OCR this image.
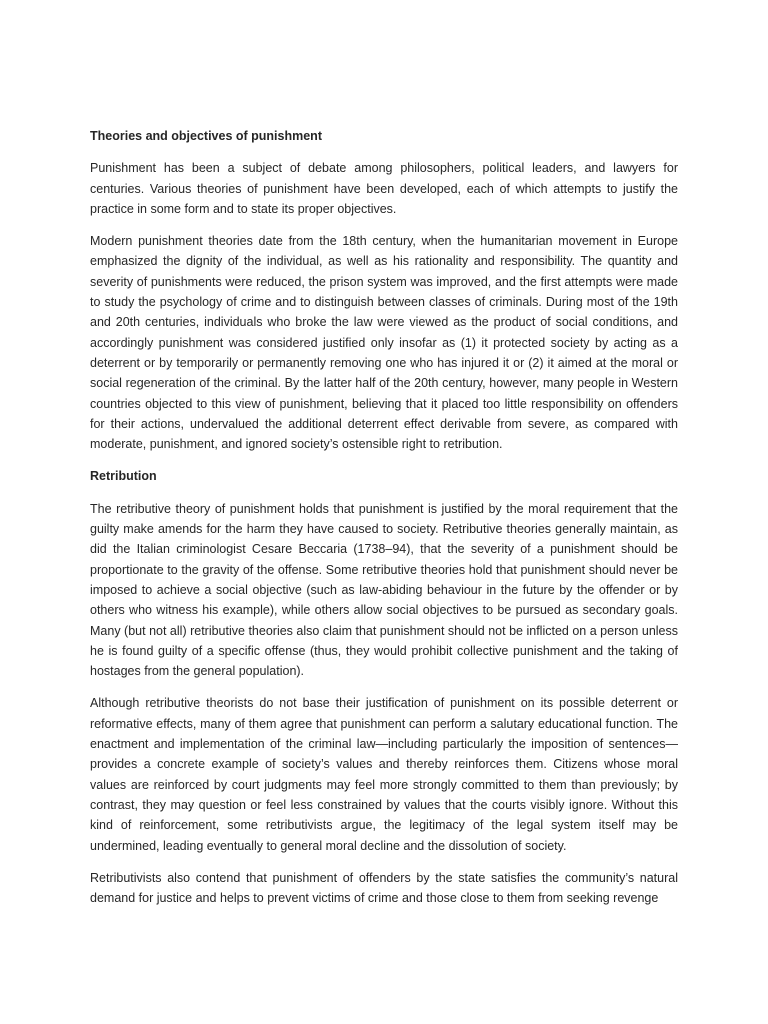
Theories and objectives of punishment

Punishment has been a subject of debate among philosophers, political leaders, and lawyers for centuries. Various theories of punishment have been developed, each of which attempts to justify the practice in some form and to state its proper objectives.

Modern punishment theories date from the 18th century, when the humanitarian movement in Europe emphasized the dignity of the individual, as well as his rationality and responsibility. The quantity and severity of punishments were reduced, the prison system was improved, and the first attempts were made to study the psychology of crime and to distinguish between classes of criminals. During most of the 19th and 20th centuries, individuals who broke the law were viewed as the product of social conditions, and accordingly punishment was considered justified only insofar as (1) it protected society by acting as a deterrent or by temporarily or permanently removing one who has injured it or (2) it aimed at the moral or social regeneration of the criminal. By the latter half of the 20th century, however, many people in Western countries objected to this view of punishment, believing that it placed too little responsibility on offenders for their actions, undervalued the additional deterrent effect derivable from severe, as compared with moderate, punishment, and ignored society’s ostensible right to retribution.

Retribution

The retributive theory of punishment holds that punishment is justified by the moral requirement that the guilty make amends for the harm they have caused to society. Retributive theories generally maintain, as did the Italian criminologist Cesare Beccaria (1738–94), that the severity of a punishment should be proportionate to the gravity of the offense. Some retributive theories hold that punishment should never be imposed to achieve a social objective (such as law-abiding behaviour in the future by the offender or by others who witness his example), while others allow social objectives to be pursued as secondary goals. Many (but not all) retributive theories also claim that punishment should not be inflicted on a person unless he is found guilty of a specific offense (thus, they would prohibit collective punishment and the taking of hostages from the general population).

Although retributive theorists do not base their justification of punishment on its possible deterrent or reformative effects, many of them agree that punishment can perform a salutary educational function. The enactment and implementation of the criminal law—including particularly the imposition of sentences—provides a concrete example of society’s values and thereby reinforces them. Citizens whose moral values are reinforced by court judgments may feel more strongly committed to them than previously; by contrast, they may question or feel less constrained by values that the courts visibly ignore. Without this kind of reinforcement, some retributivists argue, the legitimacy of the legal system itself may be undermined, leading eventually to general moral decline and the dissolution of society.

Retributivists also contend that punishment of offenders by the state satisfies the community’s natural demand for justice and helps to prevent victims of crime and those close to them from seeking revenge
